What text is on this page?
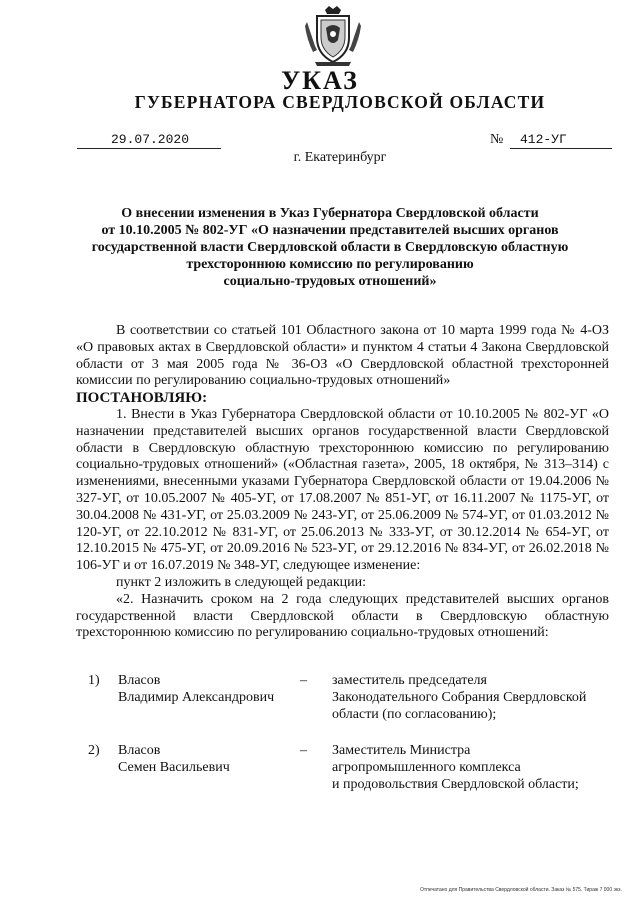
УКАЗ
ГУБЕРНАТОРА СВЕРДЛОВСКОЙ ОБЛАСТИ
29.07.2020	№	412-УГ
г. Екатеринбург
О внесении изменения в Указ Губернатора Свердловской области
от 10.10.2005 № 802-УГ «О назначении представителей высших органов
государственной власти Свердловской области в Свердловскую областную
трехстороннюю комиссию по регулированию
социально-трудовых отношений»

В соответствии со статьей 101 Областного закона от 10 марта 1999 года № 4-ОЗ «О правовых актах в Свердловской области» и пунктом 4 статьи 4 Закона Свердловской области от 3 мая 2005 года № 36-ОЗ «О Свердловской областной трехсторонней комиссии по регулированию социально-трудовых отношений»

ПОСТАНОВЛЯЮ:

1. Внести в Указ Губернатора Свердловской области от 10.10.2005 № 802-УГ «О назначении представителей высших органов государственной власти Свердловской области в Свердловскую областную трехстороннюю комиссию по регулированию социально-трудовых отношений» («Областная газета», 2005, 18 октября, № 313–314) с изменениями, внесенными указами Губернатора Свердловской области от 19.04.2006 № 327-УГ, от 10.05.2007 № 405-УГ, от 17.08.2007 № 851-УГ, от 16.11.2007 № 1175-УГ, от 30.04.2008 № 431-УГ, от 25.03.2009 № 243-УГ, от 25.06.2009 № 574-УГ, от 01.03.2012 № 120-УГ, от 22.10.2012 № 831-УГ, от 25.06.2013 № 333-УГ, от 30.12.2014 № 654-УГ, от 12.10.2015 № 475-УГ, от 20.09.2016 № 523-УГ, от 29.12.2016 № 834-УГ, от 26.02.2018 № 106-УГ и от 16.07.2019 № 348-УГ, следующее изменение:

пункт 2 изложить в следующей редакции:

«2. Назначить сроком на 2 года следующих представителей высших органов государственной власти Свердловской области в Свердловскую областную трехстороннюю комиссию по регулированию социально-трудовых отношений:

1) Власов
Владимир Александрович
– заместитель председателя
Законодательного Собрания Свердловской
области (по согласованию);
2) Власов
Семен Васильевич
– Заместитель Министра
агропромышленного комплекса
и продовольствия Свердловской области;
Отпечатано для Правительства Свердловской области. Заказ № 575. Тираж 7 000 экз.
